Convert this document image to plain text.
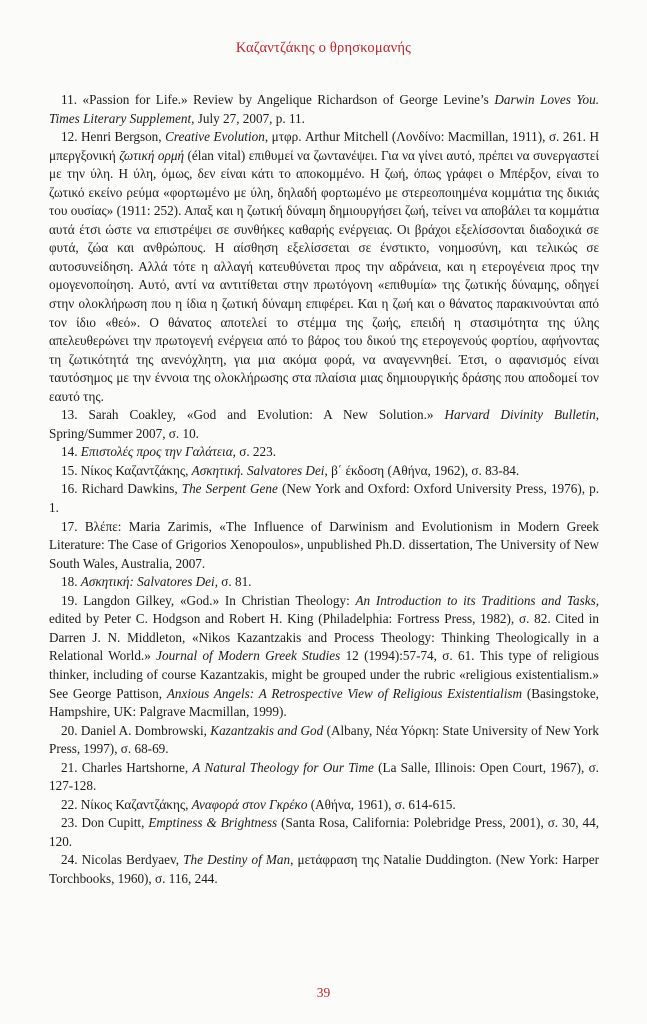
Καζαντζάκης ο θρησκομανής

11. «Passion for Life.» Review by Angelique Richardson of George Levine’s Darwin Loves You. Times Literary Supplement, July 27, 2007, p. 11.

12. Henri Bergson, Creative Evolution, μτφρ. Arthur Mitchell (Λονδίνο: Macmillan, 1911), σ. 261. Η μπεργξονική ζωτική ορμή (élan vital) επιθυμεί να ζωντανέψει. Για να γίνει αυτό, πρέπει να συνεργαστεί με την ύλη. Η ύλη, όμως, δεν είναι κάτι το αποκομμένο. Η ζωή, όπως γράφει ο Μπέρξον, είναι το ζωτικό εκείνο ρεύμα «φορτωμένο με ύλη, δηλαδή φορτωμένο με στερεοποιημένα κομμάτια της δικιάς του ουσίας» (1911: 252). Απαξ και η ζωτική δύναμη δημιουργήσει ζωή, τείνει να αποβάλει τα κομμάτια αυτά έτσι ώστε να επιστρέψει σε συνθήκες καθαρής ενέργειας. Οι βράχοι εξελίσσονται διαδοχικά σε φυτά, ζώα και ανθρώπους. Η αίσθηση εξελίσσεται σε ένστικτο, νοημοσύνη, και τελικώς σε αυτοσυνείδηση. Αλλά τότε η αλλαγή κατευθύνεται προς την αδράνεια, και η ετερογένεια προς την ομογενοποίηση. Αυτό, αντί να αντιτίθεται στην πρωτόγονη «επιθυμία» της ζωτικής δύναμης, οδηγεί στην ολοκλήρωση που η ίδια η ζωτική δύναμη επιφέρει. Και η ζωή και ο θάνατος παρακινούνται από τον ίδιο «θεό». Ο θάνατος αποτελεί το στέμμα της ζωής, επειδή η στασιμότητα της ύλης απελευθερώνει την πρωτογενή ενέργεια από το βάρος του δικού της ετερογενούς φορτίου, αφήνοντας τη ζωτικότητά της ανενόχλητη, για μια ακόμα φορά, να αναγεννηθεί. Έτσι, ο αφανισμός είναι ταυτόσημος με την έννοια της ολοκλήρωσης στα πλαίσια μιας δημιουργικής δράσης που αποδομεί τον εαυτό της.

13. Sarah Coakley, «God and Evolution: A New Solution.» Harvard Divinity Bulletin, Spring/Summer 2007, σ. 10.

14. Επιστολές προς την Γαλάτεια, σ. 223.

15. Νίκος Καζαντζάκης, Ασκητική. Salvatores Dei, β΄ έκδοση (Αθήνα, 1962), σ. 83-84.

16. Richard Dawkins, The Serpent Gene (New York and Oxford: Oxford University Press, 1976), p. 1.

17. Βλέπε: Maria Zarimis, «The Influence of Darwinism and Evolutionism in Modern Greek Literature: The Case of Grigorios Xenopoulos», unpublished Ph.D. dissertation, The University of New South Wales, Australia, 2007.

18. Ασκητική: Salvatores Dei, σ. 81.

19. Langdon Gilkey, «God.» In Christian Theology: An Introduction to its Traditions and Tasks, edited by Peter C. Hodgson and Robert H. King (Philadelphia: Fortress Press, 1982), σ. 82. Cited in Darren J. N. Middleton, «Nikos Kazantzakis and Process Theology: Thinking Theologically in a Relational World.» Journal of Modern Greek Studies 12 (1994):57-74, σ. 61. This type of religious thinker, including of course Kazantzakis, might be grouped under the rubric «religious existentialism.» See George Pattison, Anxious Angels: A Retrospective View of Religious Existentialism (Basingstoke, Hampshire, UK: Palgrave Macmillan, 1999).

20. Daniel A. Dombrowski, Kazantzakis and God (Albany, Νέα Υόρκη: State University of New York Press, 1997), σ. 68-69.

21. Charles Hartshorne, A Natural Theology for Our Time (La Salle, Illinois: Open Court, 1967), σ. 127-128.

22. Νίκος Καζαντζάκης, Αναφορά στον Γκρέκο (Αθήνα, 1961), σ. 614-615.

23. Don Cupitt, Emptiness & Brightness (Santa Rosa, California: Polebridge Press, 2001), σ. 30, 44, 120.

24. Nicolas Berdyaev, The Destiny of Man, μετάφραση της Natalie Duddington. (New York: Harper Torchbooks, 1960), σ. 116, 244.

39
